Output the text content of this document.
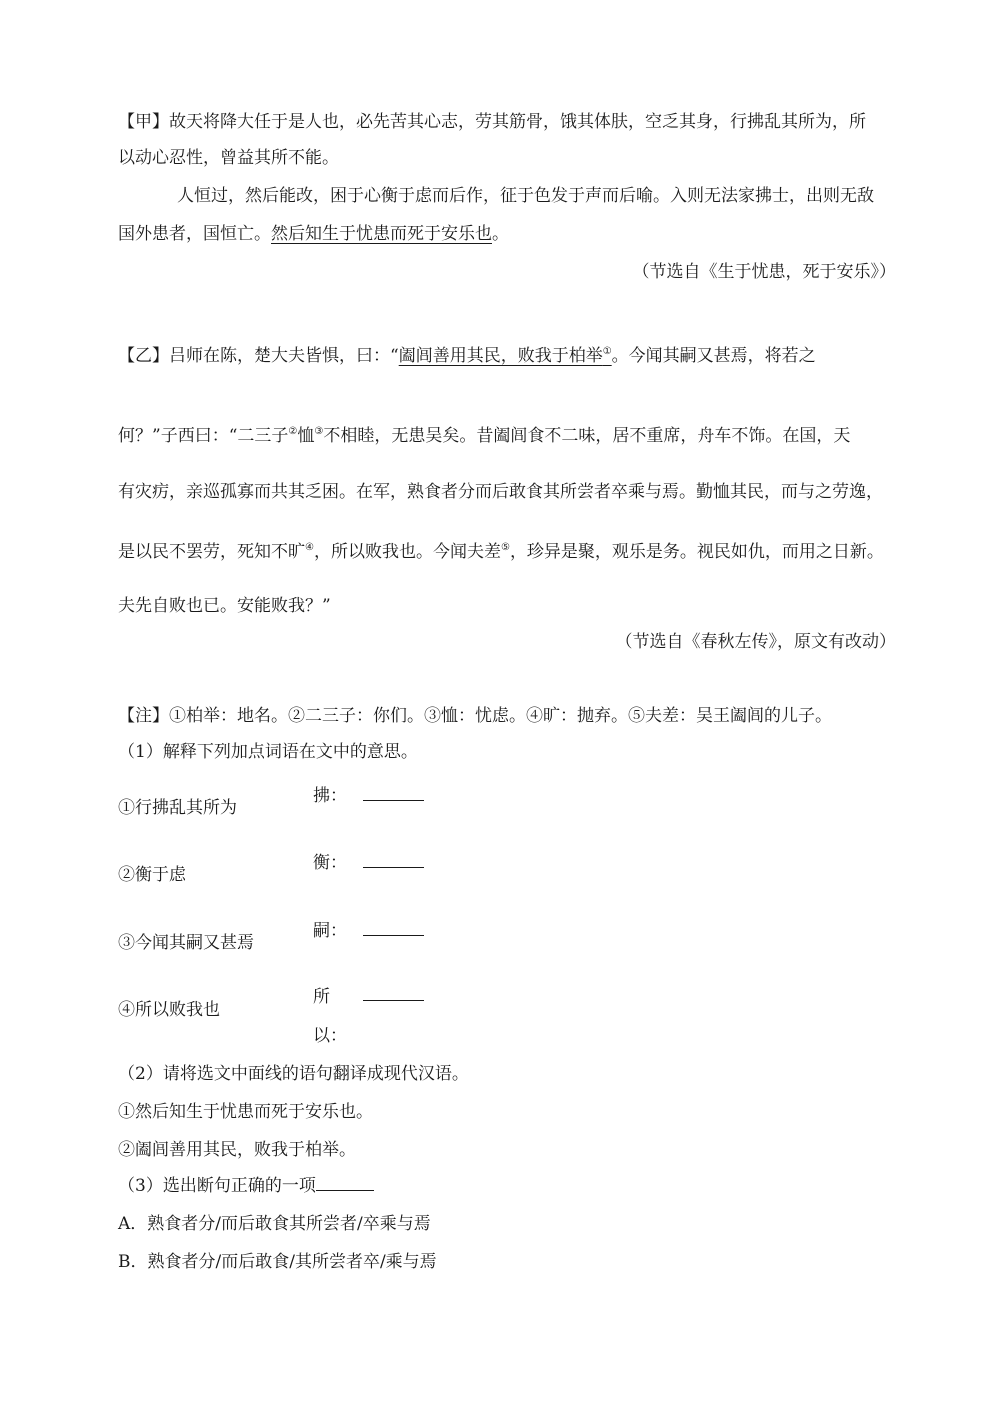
【甲】故天将降大任于是人也，必先苦其心志，劳其筋骨，饿其体肤，空乏其身，行拂乱其所为，所
以动心忍性，曾益其所不能。
人恒过，然后能改，困于心衡于虑而后作，征于色发于声而后喻。入则无法家拂士，出则无敌
国外患者，国恒亡。然后知生于忧患而死于安乐也。
（节选自《生于忧患，死于安乐》）
【乙】吕师在陈，楚大夫皆惧，曰：“阖闾善用其民，败我于柏举①。今闻其嗣又甚焉，将若之
何？”子西曰：“二三子②恤③不相睦，无患吴矣。昔阖闾食不二味，居不重席，舟车不饰。在国，天
有灾疠，亲巡孤寡而共其乏困。在军，熟食者分而后敢食其所尝者卒乘与焉。勤恤其民，而与之劳逸，
是以民不罢劳，死知不旷④，所以败我也。今闻夫差⑤，珍异是聚，观乐是务。视民如仇，而用之日新。
夫先自败也已。安能败我？”
（节选自《春秋左传》，原文有改动）
【注】①柏举：地名。②二三子：你们。③恤：忧虑。④旷：抛弃。⑤夫差：吴王阖闾的儿子。
（1）解释下列加点词语在文中的意思。
①行拂乱其所为
拂：
②衡于虑
衡：
③今闻其嗣又甚焉
嗣：
④所以败我也
所
以：
（2）请将选文中面线的语句翻译成现代汉语。
①然后知生于忧患而死于安乐也。
②阖闾善用其民，败我于柏举。
（3）选出断句正确的一项
A．熟食者分/而后敢食其所尝者/卒乘与焉
B．熟食者分/而后敢食/其所尝者卒/乘与焉
